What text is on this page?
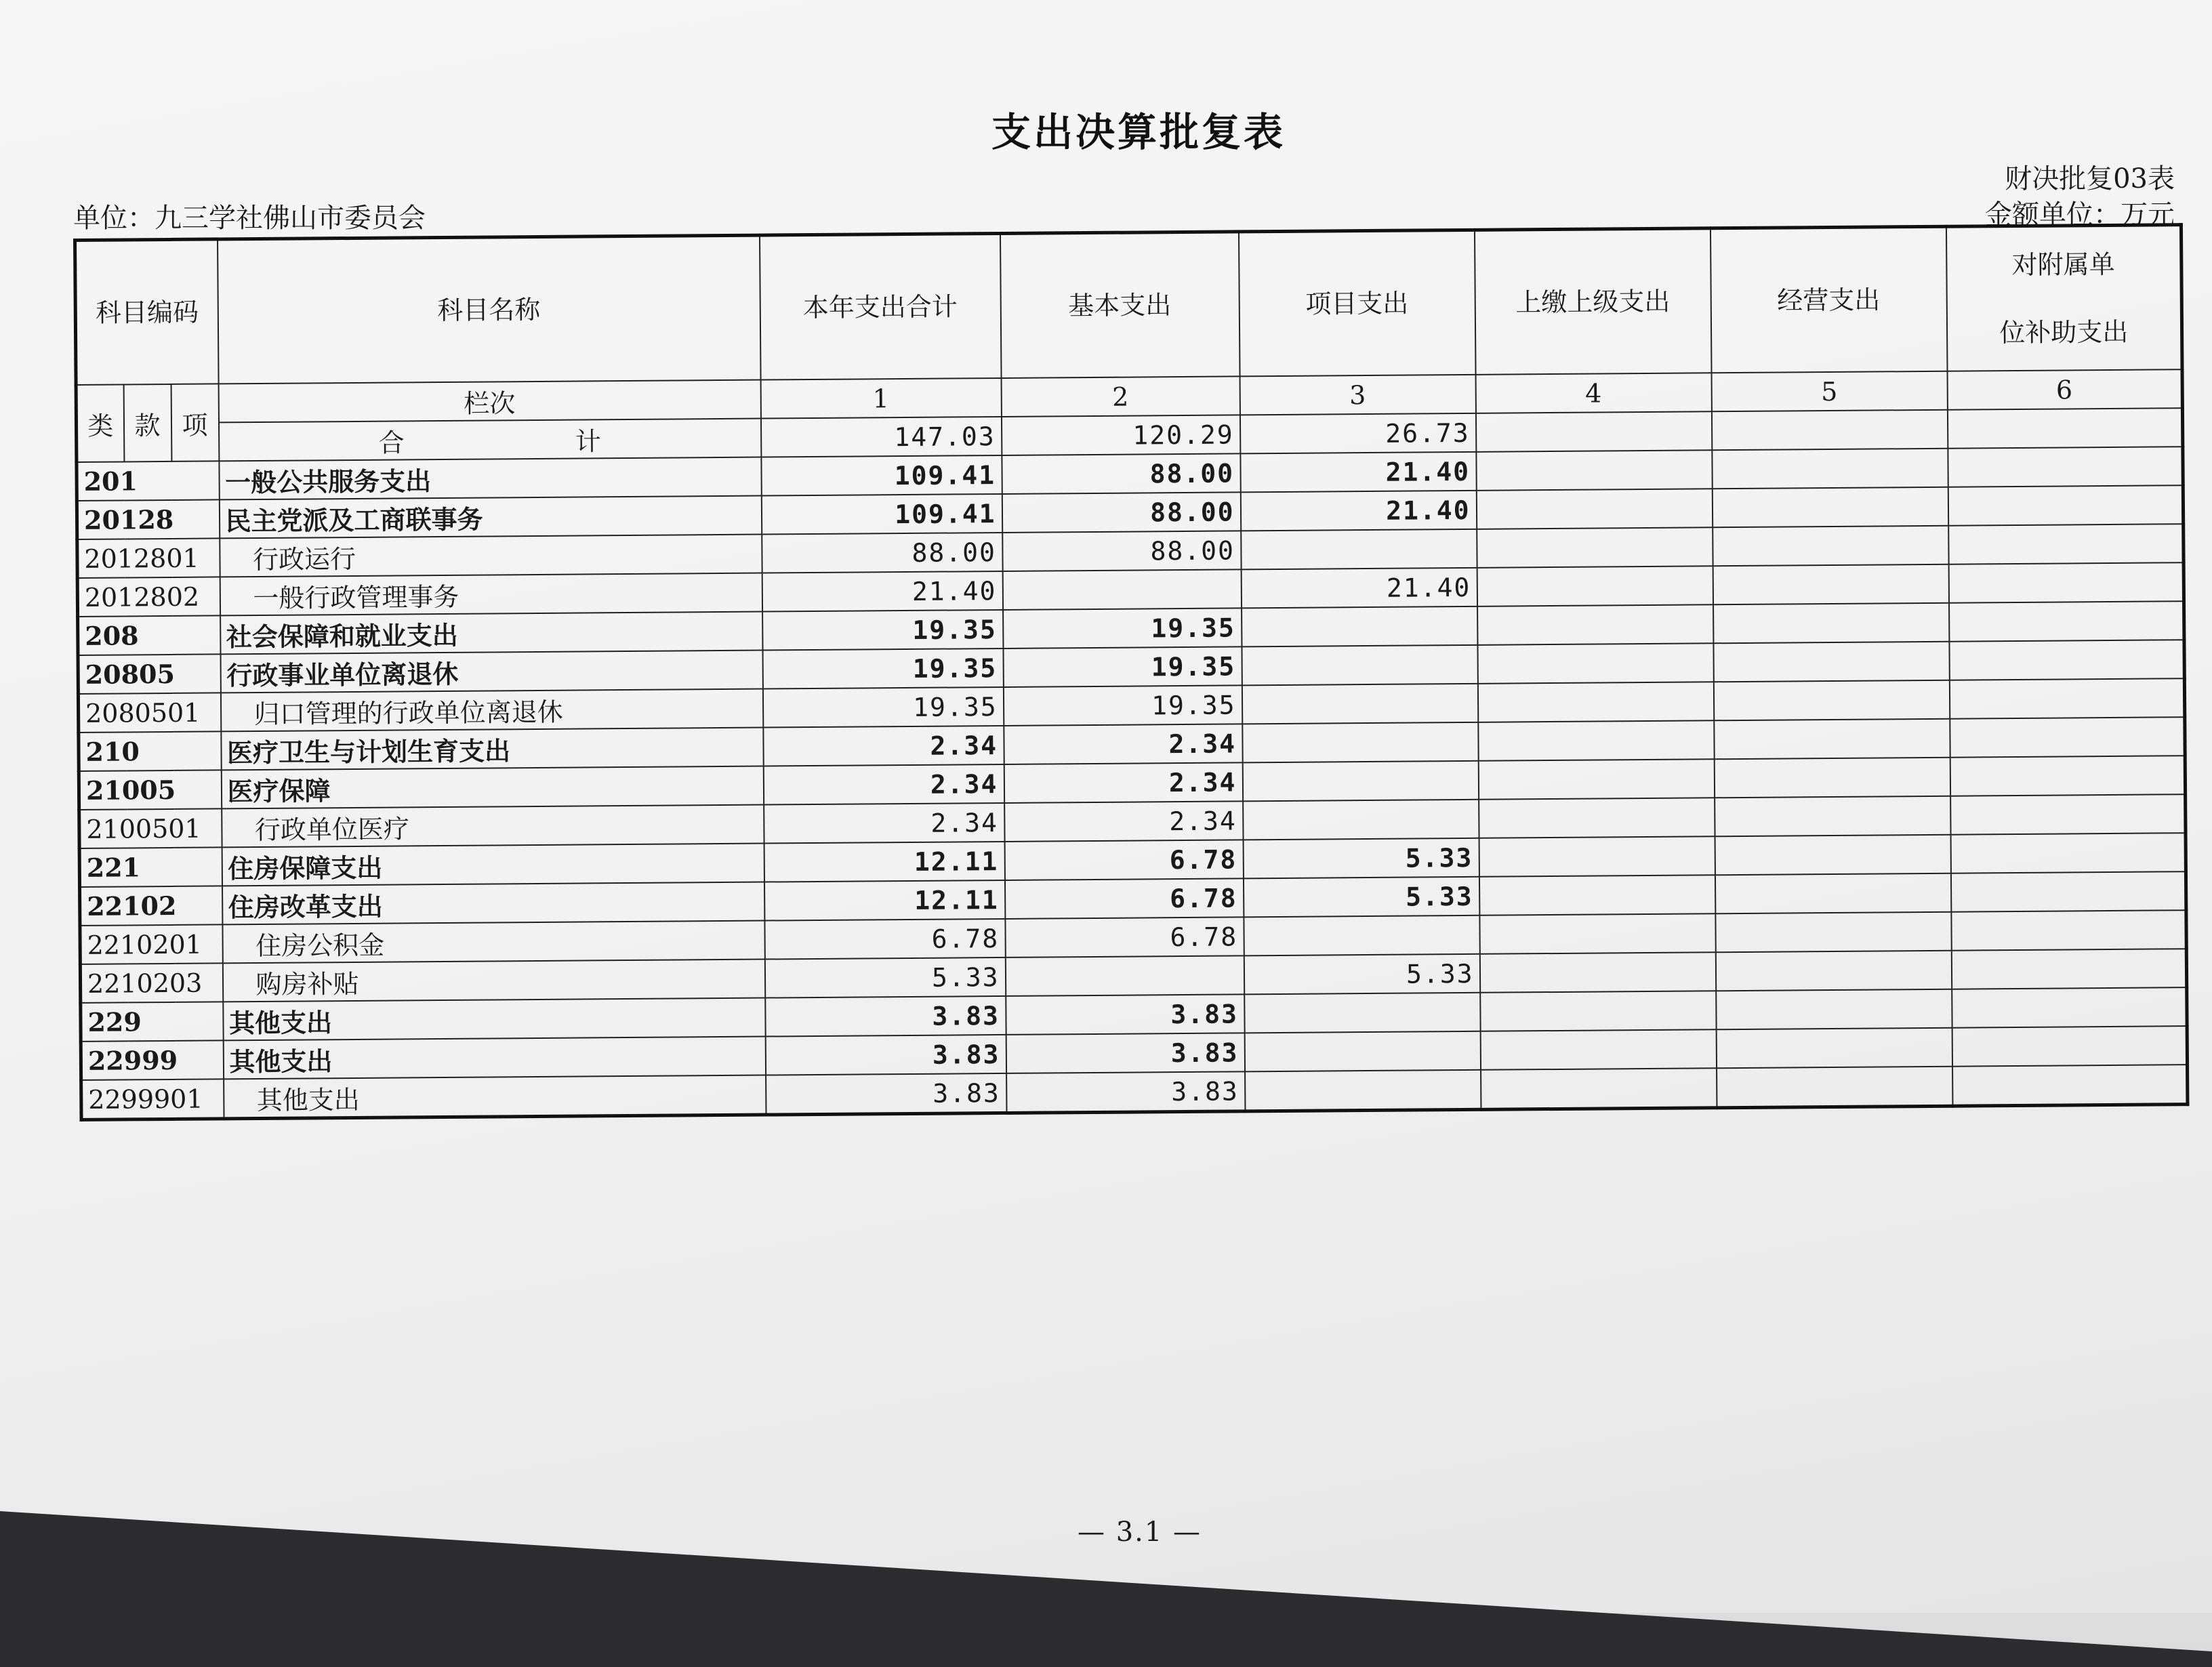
支出决算批复表
财决批复03表
单位：九三学社佛山市委员会	金额单位：万元
科目编码			科目名称	本年支出合计	基本支出	项目支出	上缴上级支出	经营支出	对附属单
位补助支出

类	款	项	栏次	1	2	3	4	5	6
			合 计	147.03	120.29	26.73			
201			一般公共服务支出	109.41	88.00	21.40			
20128			民主党派及工商联事务	109.41	88.00	21.40			
2012801			行政运行	88.00	88.00				
2012802			一般行政管理事务	21.40		21.40			
208			社会保障和就业支出	19.35	19.35				
20805			行政事业单位离退休	19.35	19.35				
2080501			归口管理的行政单位离退休	19.35	19.35				
210			医疗卫生与计划生育支出	2.34	2.34				
21005			医疗保障	2.34	2.34				
2100501			行政单位医疗	2.34	2.34				
221			住房保障支出	12.11	6.78	5.33			
22102			住房改革支出	12.11	6.78	5.33			
2210201			住房公积金	6.78	6.78				
2210203			购房补贴	5.33		5.33			
229			其他支出	3.83	3.83				
22999			其他支出	3.83	3.83				
2299901			其他支出	3.83	3.83				
— 3.1 —
